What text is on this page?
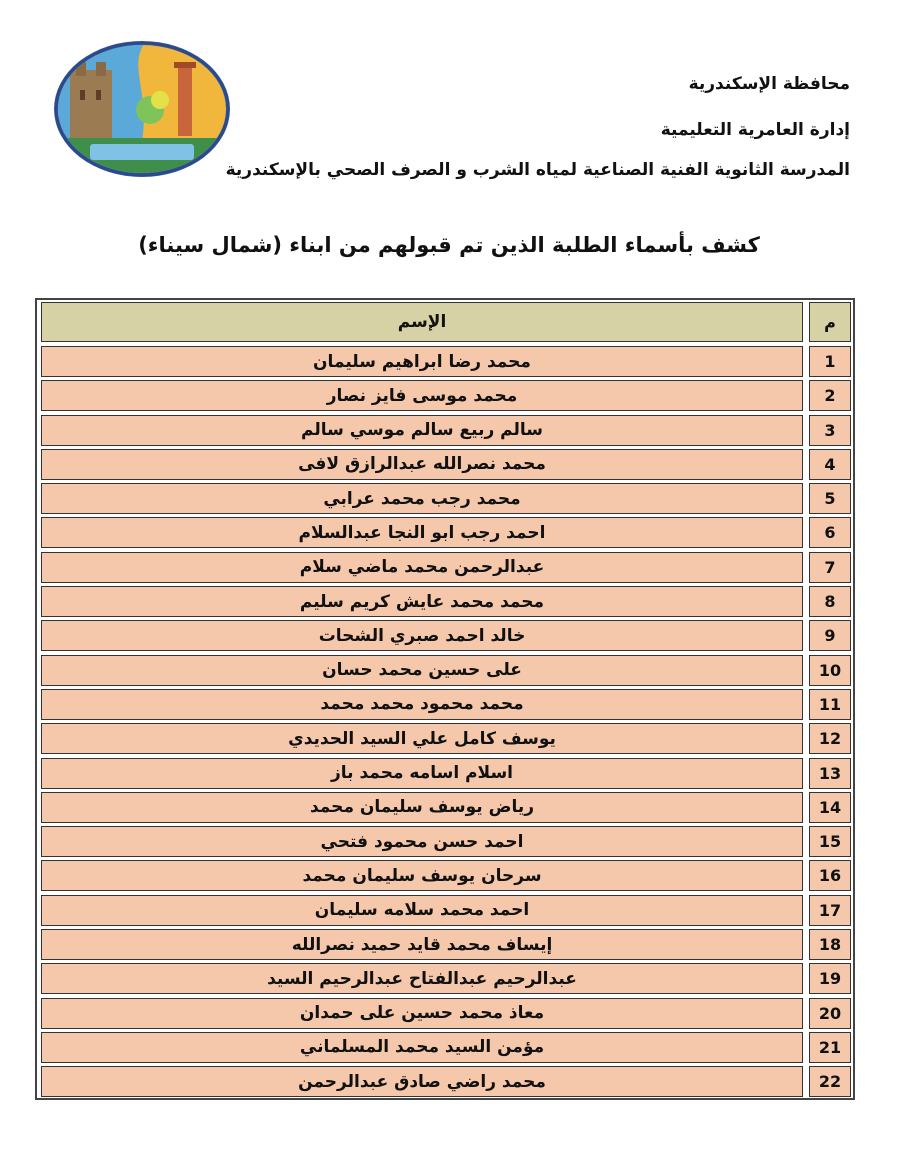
محافظة الإسكندرية
إدارة العامرية التعليمية
المدرسة الثانوية الفنية الصناعية لمياه الشرب و الصرف الصحي بالإسكندرية
كشف بأسماء الطلبة الذين تم قبولهم من ابناء (شمال سيناء)
الإسم	م
محمد رضا ابراهيم سليمان	1
محمد موسى فايز نصار	2
سالم ربيع سالم موسي سالم	3
محمد نصرالله عبدالرازق لافى	4
محمد رجب محمد عرابي	5
احمد رجب ابو النجا عبدالسلام	6
عبدالرحمن محمد ماضي سلام	7
محمد محمد عايش كريم سليم	8
خالد احمد صبري الشحات	9
على حسين محمد حسان	10
محمد محمود محمد محمد	11
يوسف كامل علي السيد الحديدي	12
اسلام اسامه محمد باز	13
رياض يوسف سليمان محمد	14
احمد حسن محمود فتحي	15
سرحان يوسف سليمان محمد	16
احمد محمد سلامه سليمان	17
إيساف محمد قايد حميد نصرالله	18
عبدالرحيم عبدالفتاح عبدالرحيم السيد	19
معاذ محمد حسين على حمدان	20
مؤمن السيد محمد المسلماني	21
محمد راضي صادق عبدالرحمن	22
